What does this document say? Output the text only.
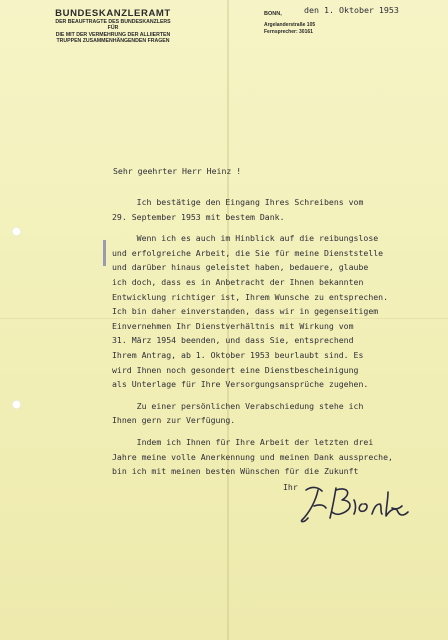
BUNDESKANZLERAMT
DER BEAUFTRAGTE DES BUNDESKANZLERS
FÜR
DIE MIT DER VERMEHRUNG DER ALLIIERTEN
TRUPPEN ZUSAMMENHÄNGENDEN FRAGEN
BONN,	den 1. Oktober 1953
Argelanderstraße 105
Fernsprecher: 30161
Sehr geehrter Herr Heinz !
Ich bestätige den Eingang Ihres Schreibens vom
29. September 1953 mit bestem Dank.
Wenn ich es auch im Hinblick auf die reibungslose
und erfolgreiche Arbeit, die Sie für meine Dienststelle
und darüber hinaus geleistet haben, bedauere, glaube
ich doch, dass es in Anbetracht der Ihnen bekannten
Entwicklung richtiger ist, Ihrem Wunsche zu entsprechen.
Ich bin daher einverstanden, dass wir in gegenseitigem
Einvernehmen Ihr Dienstverhältnis mit Wirkung vom
31. März 1954 beenden, und dass Sie, entsprechend
Ihrem Antrag, ab 1. Oktober 1953 beurlaubt sind. Es
wird Ihnen noch gesondert eine Dienstbescheinigung
als Unterlage für Ihre Versorgungsansprüche zugehen.
Zu einer persönlichen Verabschiedung stehe ich
Ihnen gern zur Verfügung.
Indem ich Ihnen für Ihre Arbeit der letzten drei
Jahre meine volle Anerkennung und meinen Dank ausspreche,
bin ich mit meinen besten Wünschen für die Zukunft
Ihr
